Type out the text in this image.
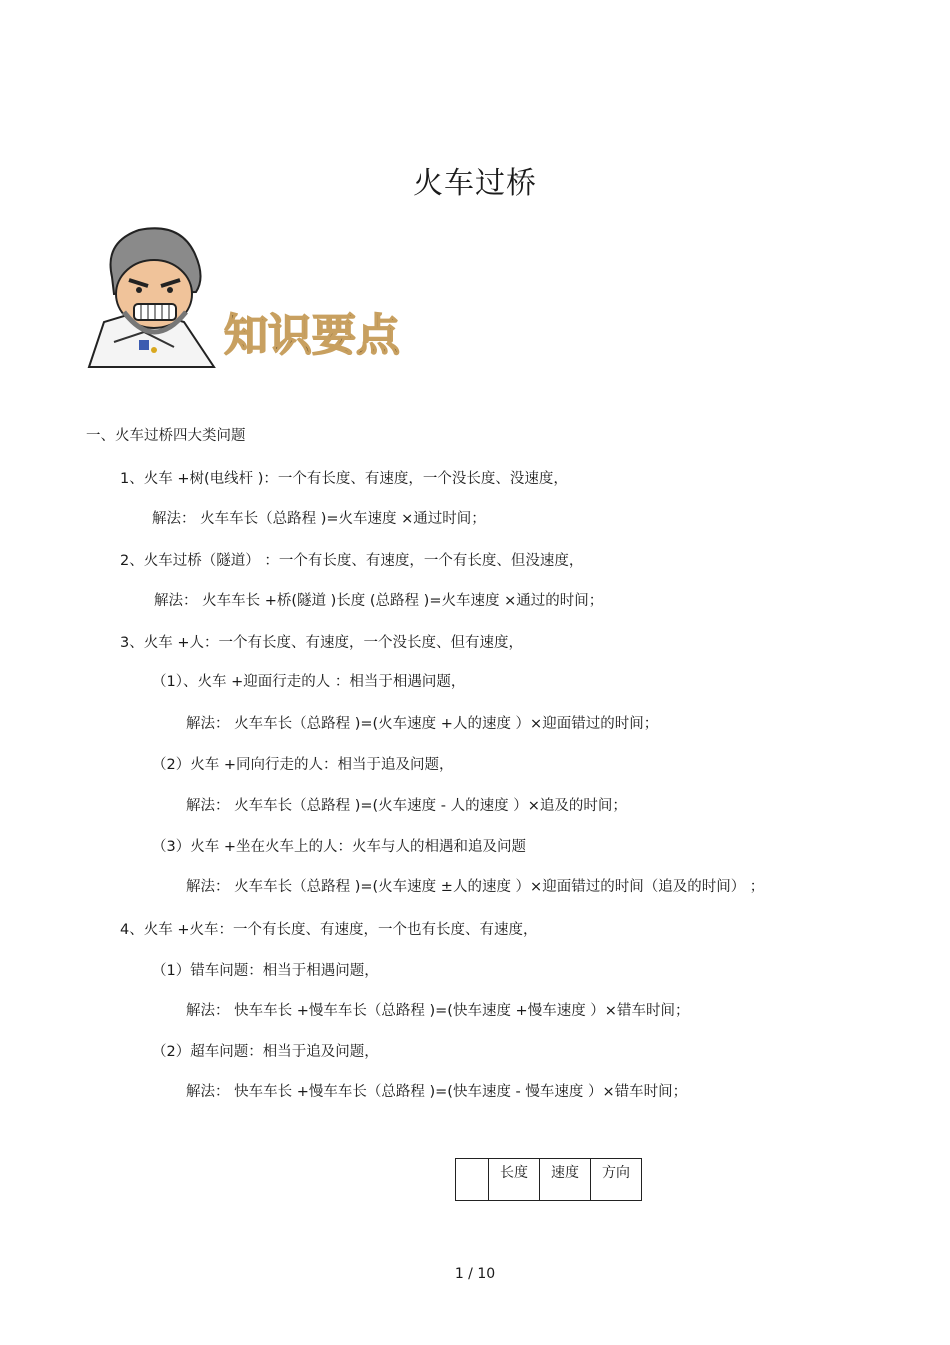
火车过桥
知识要点
一、火车过桥四大类问题
1、火车 +树(电线杆 )：一个有长度、有速度，一个没长度、没速度，
解法： 火车车长（总路程 )=火车速度 ×通过时间；
2、火车过桥（隧道） ：一个有长度、有速度，一个有长度、但没速度，
解法： 火车车长 +桥(隧道 )长度 (总路程 )=火车速度 ×通过的时间；
3、火车 +人：一个有长度、有速度，一个没长度、但有速度，
（1）、火车 +迎面行走的人 ：相当于相遇问题，
解法： 火车车长（总路程 )=(火车速度 +人的速度 ）×迎面错过的时间；
（2）火车 +同向行走的人：相当于追及问题，
解法： 火车车长（总路程 )=(火车速度 - 人的速度 ）×追及的时间；
（3）火车 +坐在火车上的人：火车与人的相遇和追及问题
解法： 火车车长（总路程 )=(火车速度 ±人的速度 ）×迎面错过的时间（追及的时间） ；
4、火车 +火车：一个有长度、有速度，一个也有长度、有速度，
（1）错车问题：相当于相遇问题，
解法： 快车车长 +慢车车长（总路程 )=(快车速度 +慢车速度 ）×错车时间；
（2）超车问题：相当于追及问题，
解法： 快车车长 +慢车车长（总路程 )=(快车速度 - 慢车速度 ）×错车时间；
	长度	速度	方向
1 / 10
